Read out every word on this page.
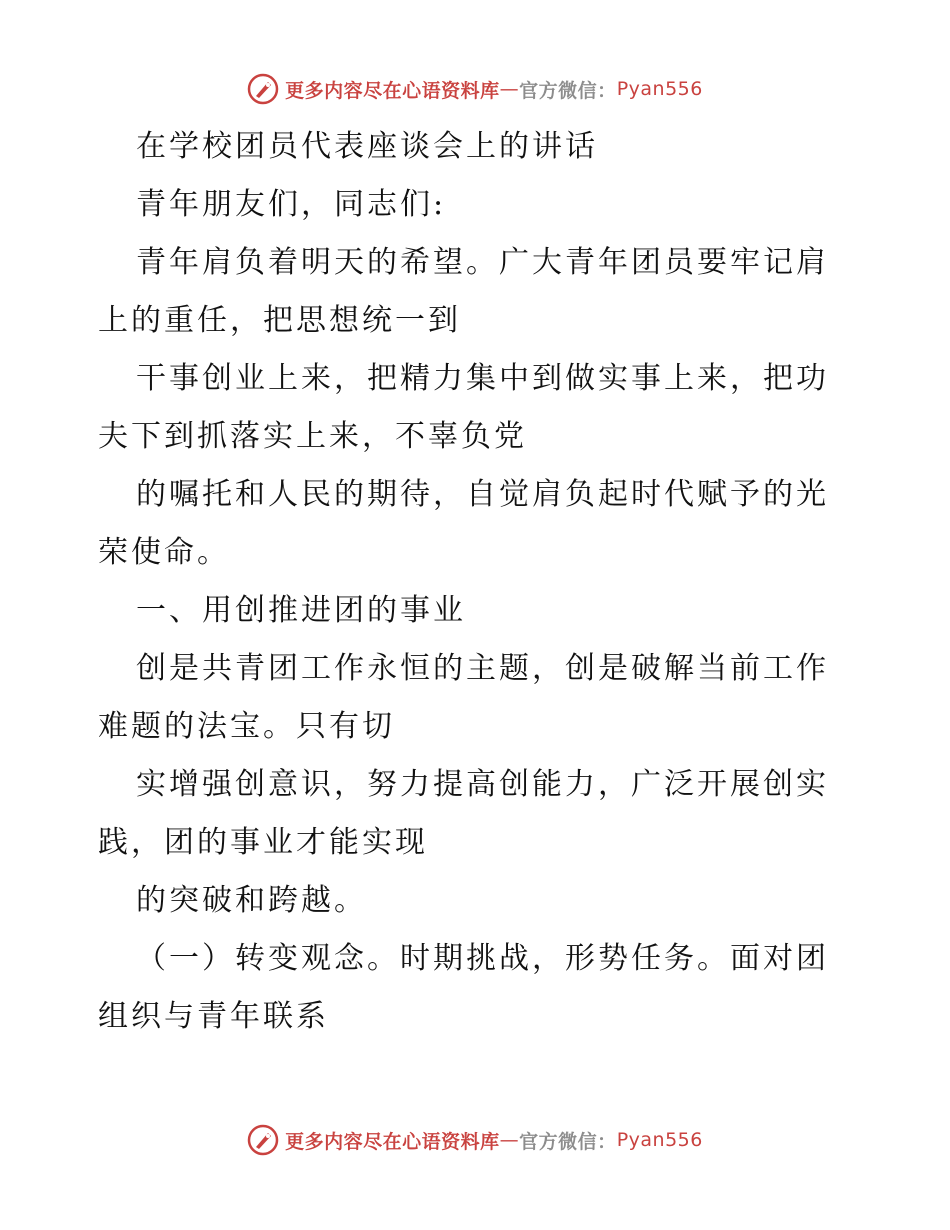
更多内容尽在心语资料库 — 官方微信： Pyan556
在学校团员代表座谈会上的讲话
青年朋友们，同志们:
青年肩负着明天的希望。广大青年团员要牢记肩
上的重任，把思想统一到
干事创业上来，把精力集中到做实事上来，把功
夫下到抓落实上来，不辜负党
的嘱托和人民的期待，自觉肩负起时代赋予的光
荣使命。
一、用创推进团的事业
创是共青团工作永恒的主题，创是破解当前工作
难题的法宝。只有切
实增强创意识，努力提高创能力，广泛开展创实
践，团的事业才能实现
的突破和跨越。
（一）转变观念。时期挑战，形势任务。面对团
组织与青年联系
更多内容尽在心语资料库 — 官方微信： Pyan556
